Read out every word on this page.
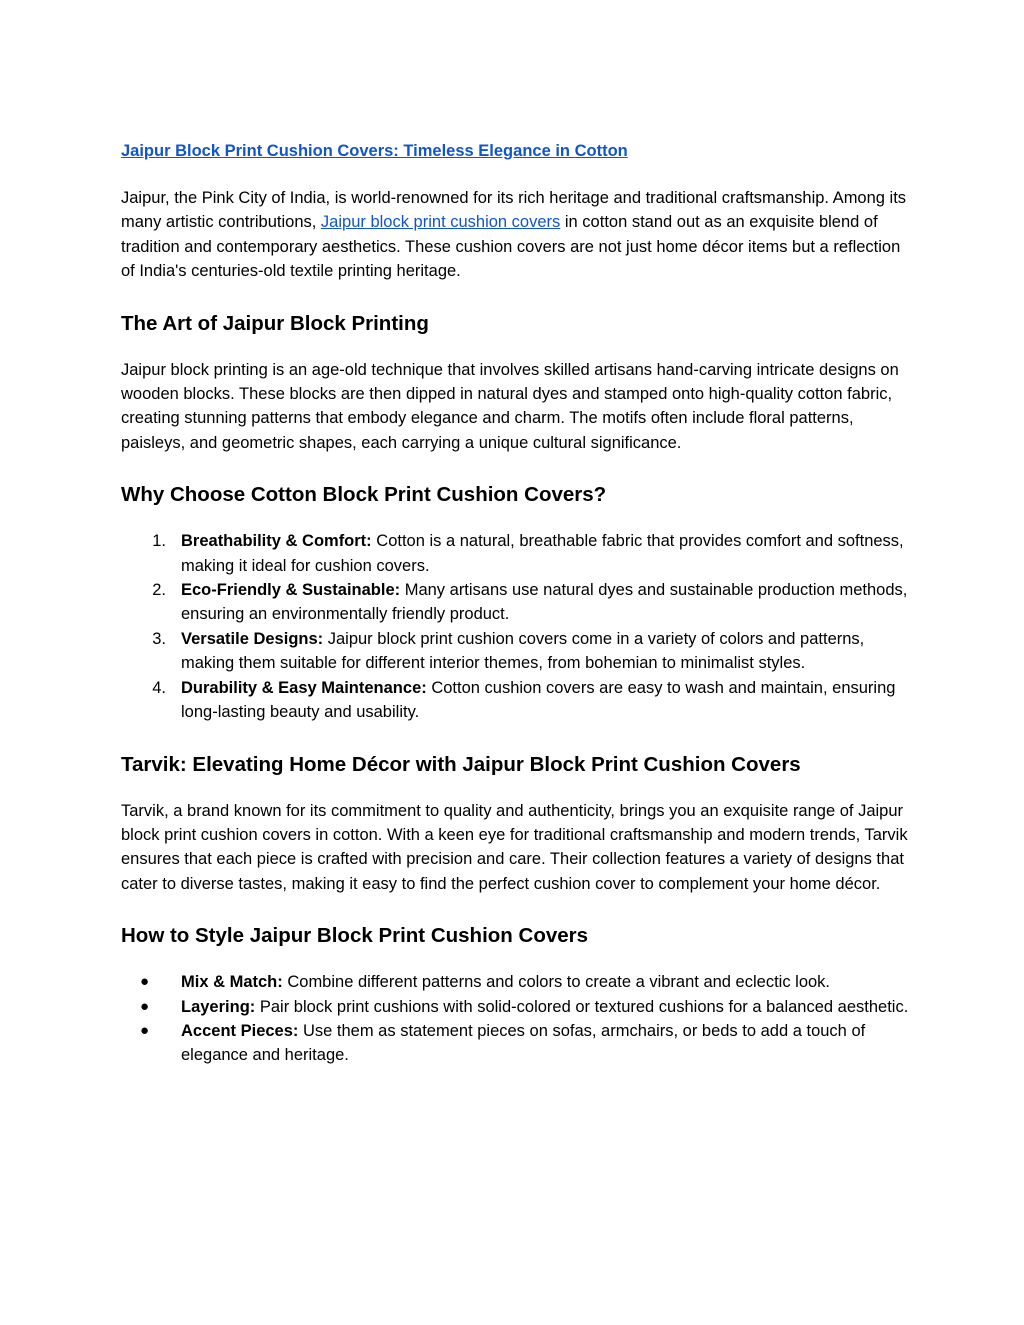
Jaipur Block Print Cushion Covers: Timeless Elegance in Cotton

Jaipur, the Pink City of India, is world-renowned for its rich heritage and traditional craftsmanship. Among its many artistic contributions, Jaipur block print cushion covers in cotton stand out as an exquisite blend of tradition and contemporary aesthetics. These cushion covers are not just home décor items but a reflection of India's centuries-old textile printing heritage.

The Art of Jaipur Block Printing

Jaipur block printing is an age-old technique that involves skilled artisans hand-carving intricate designs on wooden blocks. These blocks are then dipped in natural dyes and stamped onto high-quality cotton fabric, creating stunning patterns that embody elegance and charm. The motifs often include floral patterns, paisleys, and geometric shapes, each carrying a unique cultural significance.

Why Choose Cotton Block Print Cushion Covers?
1. Breathability & Comfort: Cotton is a natural, breathable fabric that provides comfort and softness, making it ideal for cushion covers.
2. Eco-Friendly & Sustainable: Many artisans use natural dyes and sustainable production methods, ensuring an environmentally friendly product.
3. Versatile Designs: Jaipur block print cushion covers come in a variety of colors and patterns, making them suitable for different interior themes, from bohemian to minimalist styles.
4. Durability & Easy Maintenance: Cotton cushion covers are easy to wash and maintain, ensuring long-lasting beauty and usability.
Tarvik: Elevating Home Décor with Jaipur Block Print Cushion Covers

Tarvik, a brand known for its commitment to quality and authenticity, brings you an exquisite range of Jaipur block print cushion covers in cotton. With a keen eye for traditional craftsmanship and modern trends, Tarvik ensures that each piece is crafted with precision and care. Their collection features a variety of designs that cater to diverse tastes, making it easy to find the perfect cushion cover to complement your home décor.

How to Style Jaipur Block Print Cushion Covers
●	Mix & Match: Combine different patterns and colors to create a vibrant and eclectic look.
●	Layering: Pair block print cushions with solid-colored or textured cushions for a balanced aesthetic.
●	Accent Pieces: Use them as statement pieces on sofas, armchairs, or beds to add a touch of elegance and heritage.
